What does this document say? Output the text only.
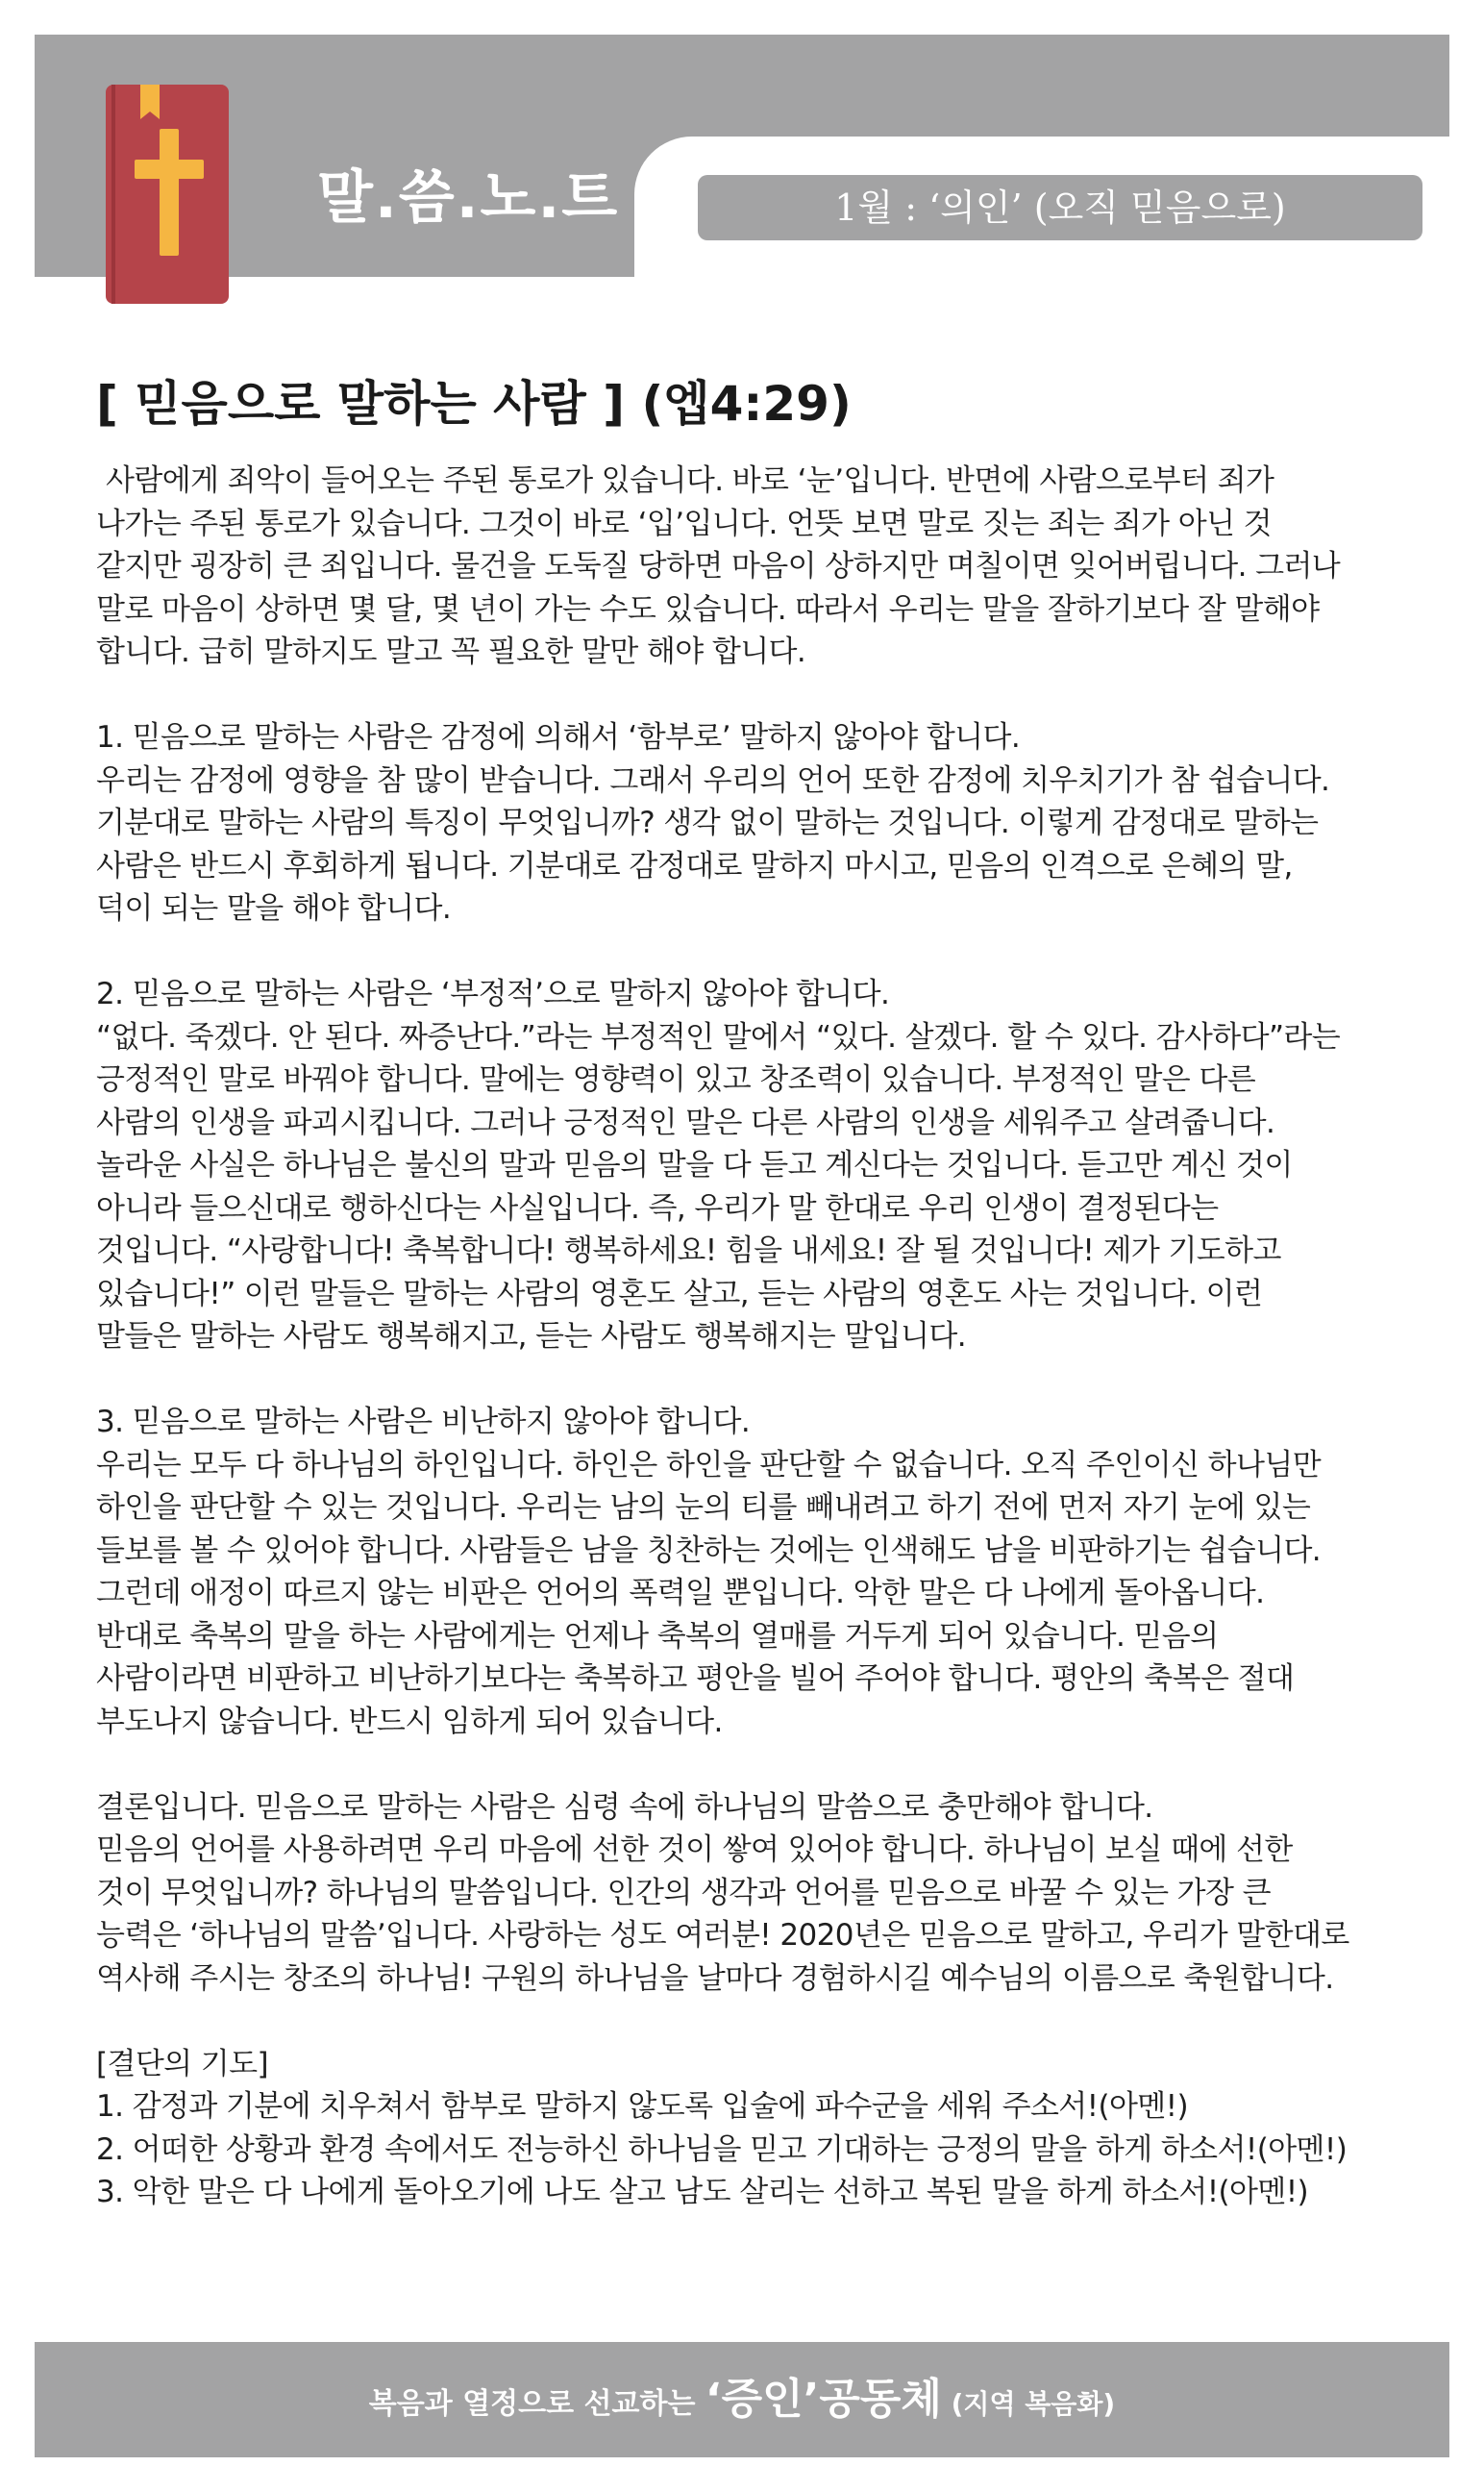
말.씀.노.트	1월 : ‘의인’ (오직 믿음으로)
[ 믿음으로 말하는 사람 ] (엡4:29)

사람에게 죄악이 들어오는 주된 통로가 있습니다. 바로 ‘눈’입니다. 반면에 사람으로부터 죄가
나가는 주된 통로가 있습니다. 그것이 바로 ‘입’입니다. 언뜻 보면 말로 짓는 죄는 죄가 아닌 것
같지만 굉장히 큰 죄입니다. 물건을 도둑질 당하면 마음이 상하지만 며칠이면 잊어버립니다. 그러나
말로 마음이 상하면 몇 달, 몇 년이 가는 수도 있습니다. 따라서 우리는 말을 잘하기보다 잘 말해야
합니다. 급히 말하지도 말고 꼭 필요한 말만 해야 합니다.

1. 믿음으로 말하는 사람은 감정에 의해서 ‘함부로’ 말하지 않아야 합니다.
우리는 감정에 영향을 참 많이 받습니다. 그래서 우리의 언어 또한 감정에 치우치기가 참 쉽습니다.
기분대로 말하는 사람의 특징이 무엇입니까? 생각 없이 말하는 것입니다. 이렇게 감정대로 말하는
사람은 반드시 후회하게 됩니다. 기분대로 감정대로 말하지 마시고, 믿음의 인격으로 은혜의 말,
덕이 되는 말을 해야 합니다.

2. 믿음으로 말하는 사람은 ‘부정적’으로 말하지 않아야 합니다.
“없다. 죽겠다. 안 된다. 짜증난다.”라는 부정적인 말에서 “있다. 살겠다. 할 수 있다. 감사하다”라는
긍정적인 말로 바꿔야 합니다. 말에는 영향력이 있고 창조력이 있습니다. 부정적인 말은 다른
사람의 인생을 파괴시킵니다. 그러나 긍정적인 말은 다른 사람의 인생을 세워주고 살려줍니다.
놀라운 사실은 하나님은 불신의 말과 믿음의 말을 다 듣고 계신다는 것입니다. 듣고만 계신 것이
아니라 들으신대로 행하신다는 사실입니다. 즉, 우리가 말 한대로 우리 인생이 결정된다는
것입니다. “사랑합니다! 축복합니다! 행복하세요! 힘을 내세요! 잘 될 것입니다! 제가 기도하고
있습니다!” 이런 말들은 말하는 사람의 영혼도 살고, 듣는 사람의 영혼도 사는 것입니다. 이런
말들은 말하는 사람도 행복해지고, 듣는 사람도 행복해지는 말입니다.

3. 믿음으로 말하는 사람은 비난하지 않아야 합니다.
우리는 모두 다 하나님의 하인입니다. 하인은 하인을 판단할 수 없습니다. 오직 주인이신 하나님만
하인을 판단할 수 있는 것입니다. 우리는 남의 눈의 티를 빼내려고 하기 전에 먼저 자기 눈에 있는
들보를 볼 수 있어야 합니다. 사람들은 남을 칭찬하는 것에는 인색해도 남을 비판하기는 쉽습니다.
그런데 애정이 따르지 않는 비판은 언어의 폭력일 뿐입니다. 악한 말은 다 나에게 돌아옵니다.
반대로 축복의 말을 하는 사람에게는 언제나 축복의 열매를 거두게 되어 있습니다. 믿음의
사람이라면 비판하고 비난하기보다는 축복하고 평안을 빌어 주어야 합니다. 평안의 축복은 절대
부도나지 않습니다. 반드시 임하게 되어 있습니다.

결론입니다. 믿음으로 말하는 사람은 심령 속에 하나님의 말씀으로 충만해야 합니다.
믿음의 언어를 사용하려면 우리 마음에 선한 것이 쌓여 있어야 합니다. 하나님이 보실 때에 선한
것이 무엇입니까? 하나님의 말씀입니다. 인간의 생각과 언어를 믿음으로 바꿀 수 있는 가장 큰
능력은 ‘하나님의 말씀’입니다. 사랑하는 성도 여러분! 2020년은 믿음으로 말하고, 우리가 말한대로
역사해 주시는 창조의 하나님! 구원의 하나님을 날마다 경험하시길 예수님의 이름으로 축원합니다.

[결단의 기도]
1. 감정과 기분에 치우쳐서 함부로 말하지 않도록 입술에 파수군을 세워 주소서!(아멘!)
2. 어떠한 상황과 환경 속에서도 전능하신 하나님을 믿고 기대하는 긍정의 말을 하게 하소서!(아멘!)
3. 악한 말은 다 나에게 돌아오기에 나도 살고 남도 살리는 선하고 복된 말을 하게 하소서!(아멘!)

복음과 열정으로 선교하는 ‘증인’공동체 (지역 복음화)
